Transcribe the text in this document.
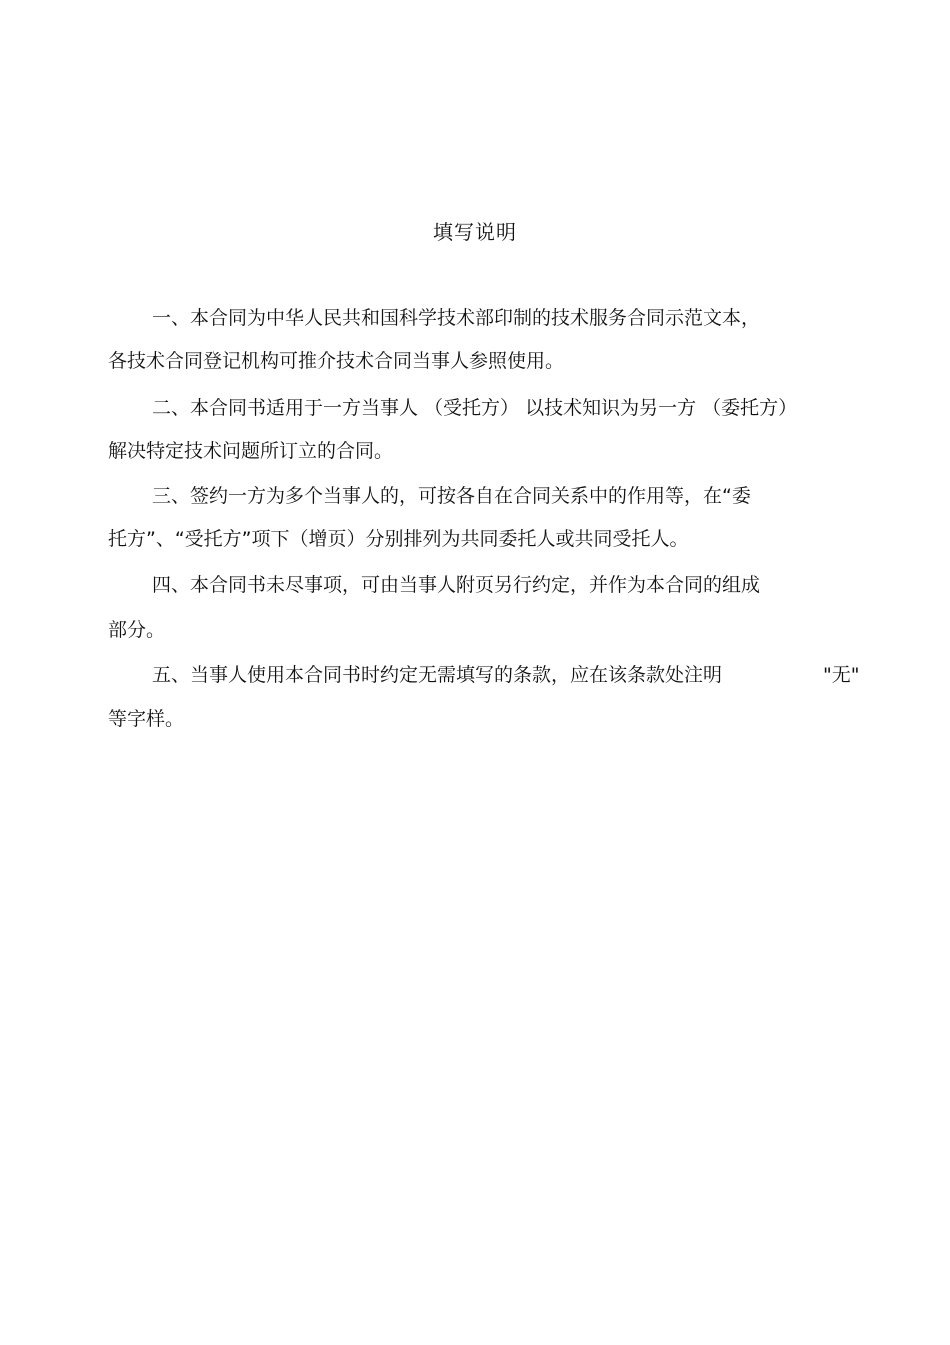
填写说明
一、本合同为中华人民共和国科学技术部印制的技术服务合同示范文本，
各技术合同登记机构可推介技术合同当事人参照使用。
二、本合同书适用于一方当事人 （受托方） 以技术知识为另一方 （委托方）
解决特定技术问题所订立的合同。
三、签约一方为多个当事人的，可按各自在合同关系中的作用等，在“委
托方”、“受托方”项下（增页）分别排列为共同委托人或共同受托人。
四、本合同书未尽事项，可由当事人附页另行约定，并作为本合同的组成
部分。
五、当事人使用本合同书时约定无需填写的条款，应在该条款处注明	"无"
等字样。
